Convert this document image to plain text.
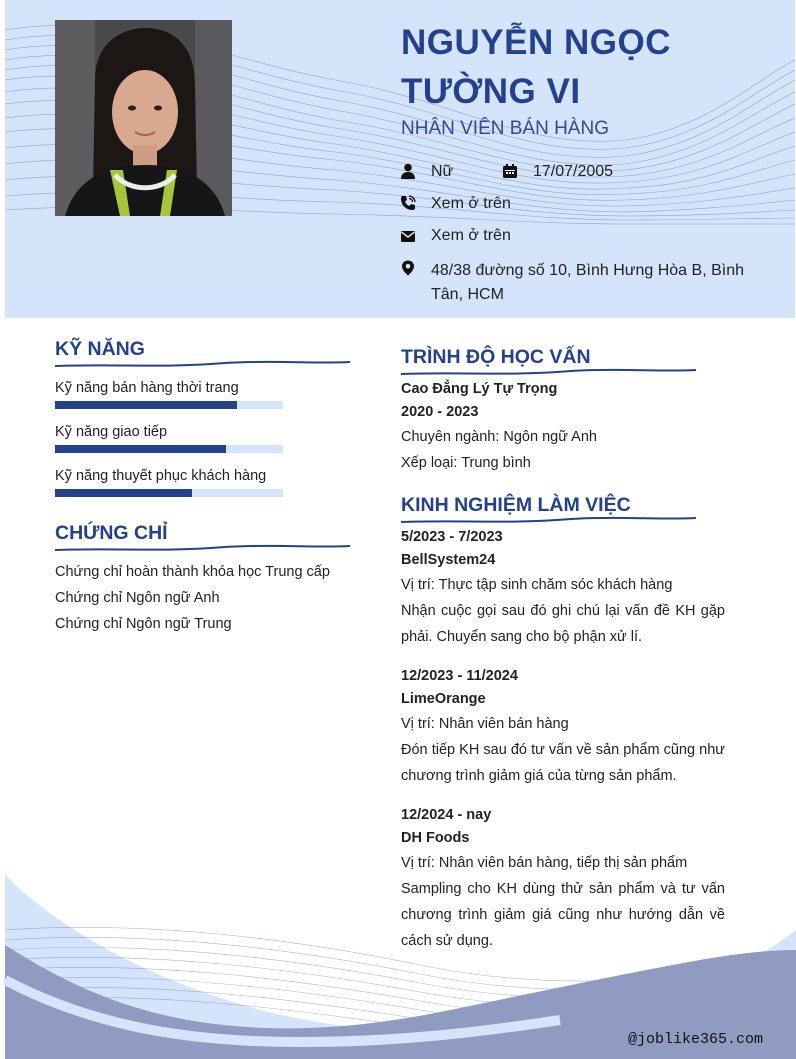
NGUYỄN NGỌC TƯỜNG VI
NHÂN VIÊN BÁN HÀNG
Nữ	17/07/2005
Xem ở trên
Xem ở trên
48/38 đường số 10, Bình Hưng Hòa B, Bình Tân, HCM
KỸ NĂNG
Kỹ năng bán hàng thời trang
Kỹ năng giao tiếp
Kỹ năng thuyết phục khách hàng
CHỨNG CHỈ
Chứng chỉ hoàn thành khóa học Trung cấp
Chứng chỉ Ngôn ngữ Anh
Chứng chỉ Ngôn ngữ Trung
TRÌNH ĐỘ HỌC VẤN
Cao Đẳng Lý Tự Trọng
2020 - 2023
Chuyên ngành: Ngôn ngữ Anh
Xếp loại: Trung bình
KINH NGHIỆM LÀM VIỆC
5/2023 - 7/2023
BellSystem24
Vị trí: Thực tập sinh chăm sóc khách hàng
Nhận cuộc gọi sau đó ghi chú lại vấn đề KH gặp phải. Chuyển sang cho bộ phận xử lí.
12/2023 - 11/2024
LimeOrange
Vị trí: Nhân viên bán hàng
Đón tiếp KH sau đó tư vấn về sản phẩm cũng như chương trình giảm giá của từng sản phẩm.
12/2024 - nay
DH Foods
Vị trí: Nhân viên bán hàng, tiếp thị sản phẩm
Sampling cho KH dùng thử sản phẩm và tư vấn chương trình giảm giá cũng như hướng dẫn về cách sử dụng.
@joblike365.com
